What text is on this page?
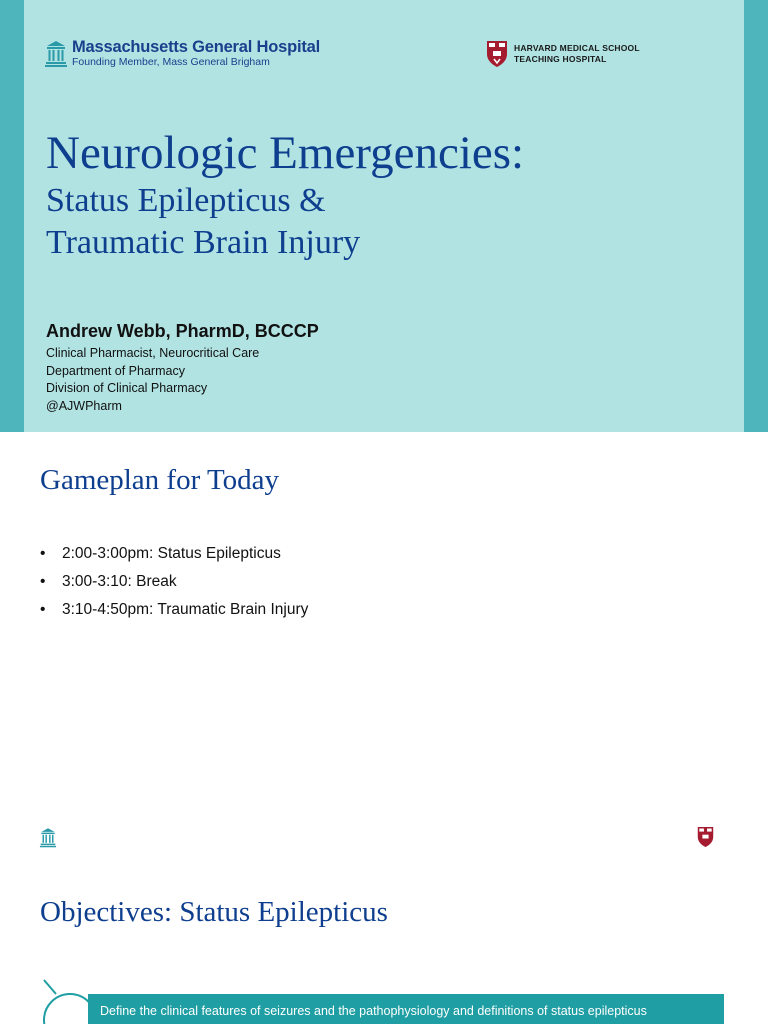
Massachusetts General Hospital
Founding Member, Mass General Brigham
HARVARD MEDICAL SCHOOL
TEACHING HOSPITAL
Neurologic Emergencies:
Status Epilepticus &
Traumatic Brain Injury
Andrew Webb, PharmD, BCCCP
Clinical Pharmacist, Neurocritical Care
Department of Pharmacy
Division of Clinical Pharmacy
@AJWPharm
Gameplan for Today
• 2:00-3:00pm: Status Epilepticus
• 3:00-3:10: Break
• 3:10-4:50pm: Traumatic Brain Injury
Objectives: Status Epilepticus
Define the clinical features of seizures and the pathophysiology and definitions of status epilepticus
